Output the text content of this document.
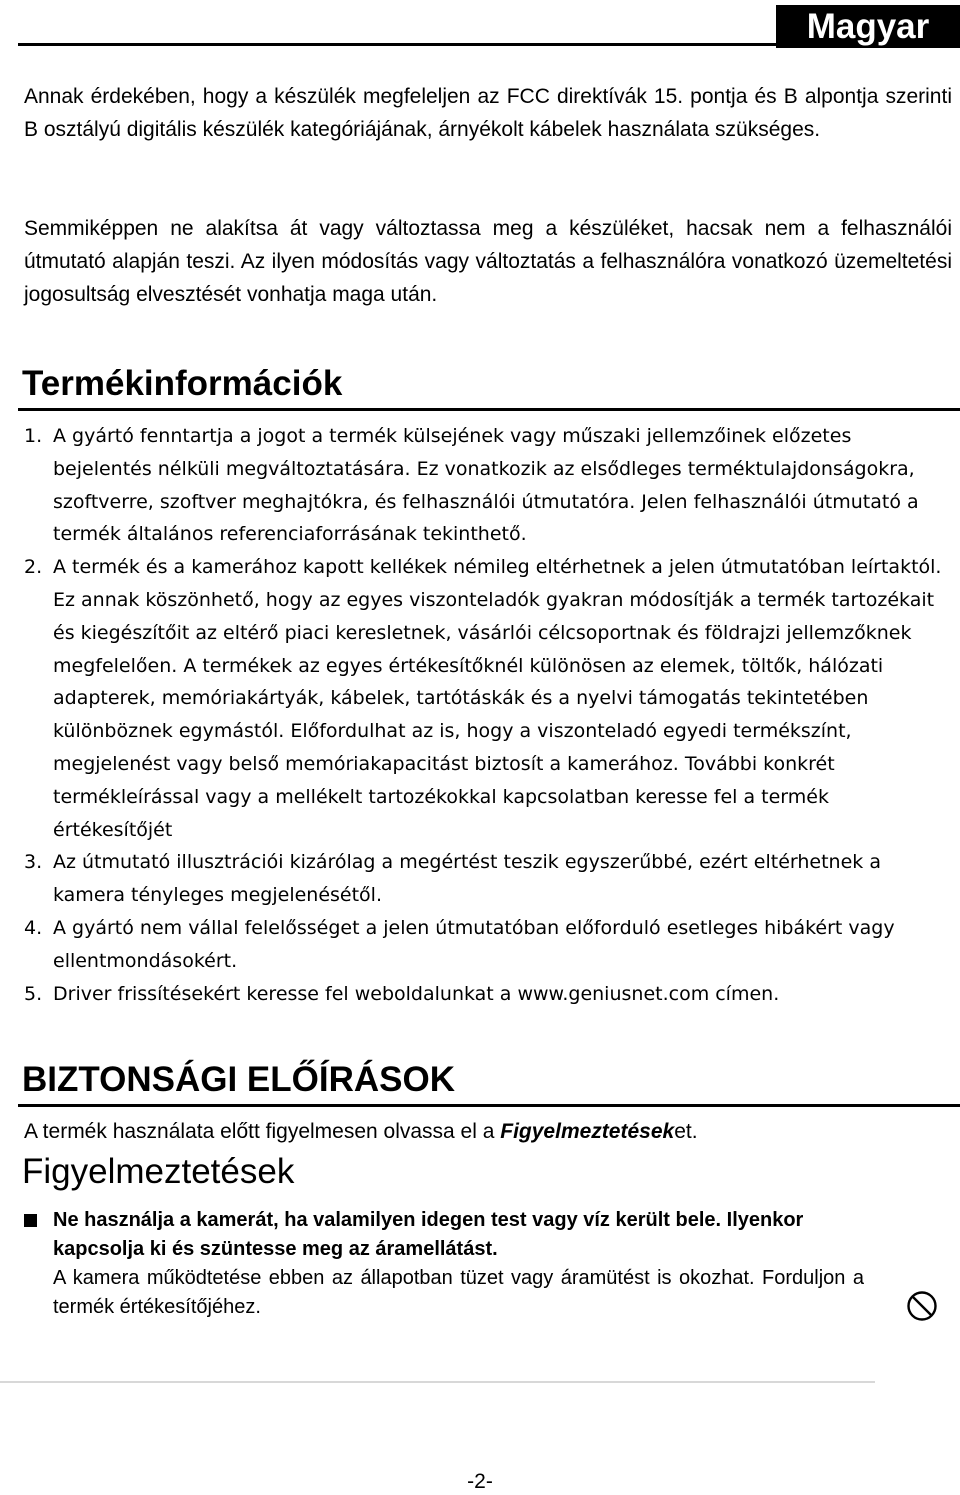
Magyar

Annak érdekében, hogy a készülék megfeleljen az FCC direktívák 15. pontja és B alpontja szerinti B osztályú digitális készülék kategóriájának, árnyékolt kábelek használata szükséges.

Semmiképpen ne alakítsa át vagy változtassa meg a készüléket, hacsak nem a felhasználói útmutató alapján teszi. Az ilyen módosítás vagy változtatás a felhasználóra vonatkozó üzemeltetési jogosultság elvesztését vonhatja maga után.

Termékinformációk
1. A gyártó fenntartja a jogot a termék külsejének vagy műszaki jellemzőinek előzetes bejelentés nélküli megváltoztatására. Ez vonatkozik az elsődleges terméktulajdonságokra, szoftverre, szoftver meghajtókra, és felhasználói útmutatóra. Jelen felhasználói útmutató a termék általános referenciaforrásának tekinthető.
2. A termék és a kamerához kapott kellékek némileg eltérhetnek a jelen útmutatóban leírtaktól. Ez annak köszönhető, hogy az egyes viszonteladók gyakran módosítják a termék tartozékait és kiegészítőit az eltérő piaci keresletnek, vásárlói célcsoportnak és földrajzi jellemzőknek megfelelően. A termékek az egyes értékesítőknél különösen az elemek, töltők, hálózati adapterek, memóriakártyák, kábelek, tartótáskák és a nyelvi támogatás tekintetében különböznek egymástól. Előfordulhat az is, hogy a viszonteladó egyedi termékszínt, megjelenést vagy belső memóriakapacitást biztosít a kamerához. További konkrét termékleírással vagy a mellékelt tartozékokkal kapcsolatban keresse fel a termék értékesítőjét
3. Az útmutató illusztrációi kizárólag a megértést teszik egyszerűbbé, ezért eltérhetnek a kamera tényleges megjelenésétől.
4. A gyártó nem vállal felelősséget a jelen útmutatóban előforduló esetleges hibákért vagy ellentmondásokért.
5. Driver frissítésekért keresse fel weboldalunkat a www.geniusnet.com címen.
BIZTONSÁGI ELŐÍRÁSOK

A termék használata előtt figyelmesen olvassa el a Figyelmeztetéseket.

Figyelmeztetések

Ne használja a kamerát, ha valamilyen idegen test vagy víz került bele. Ilyenkor kapcsolja ki és szüntesse meg az áramellátást.

A kamera működtetése ebben az állapotban tüzet vagy áramütést is okozhat. Forduljon a termék értékesítőjéhez.

-2-
